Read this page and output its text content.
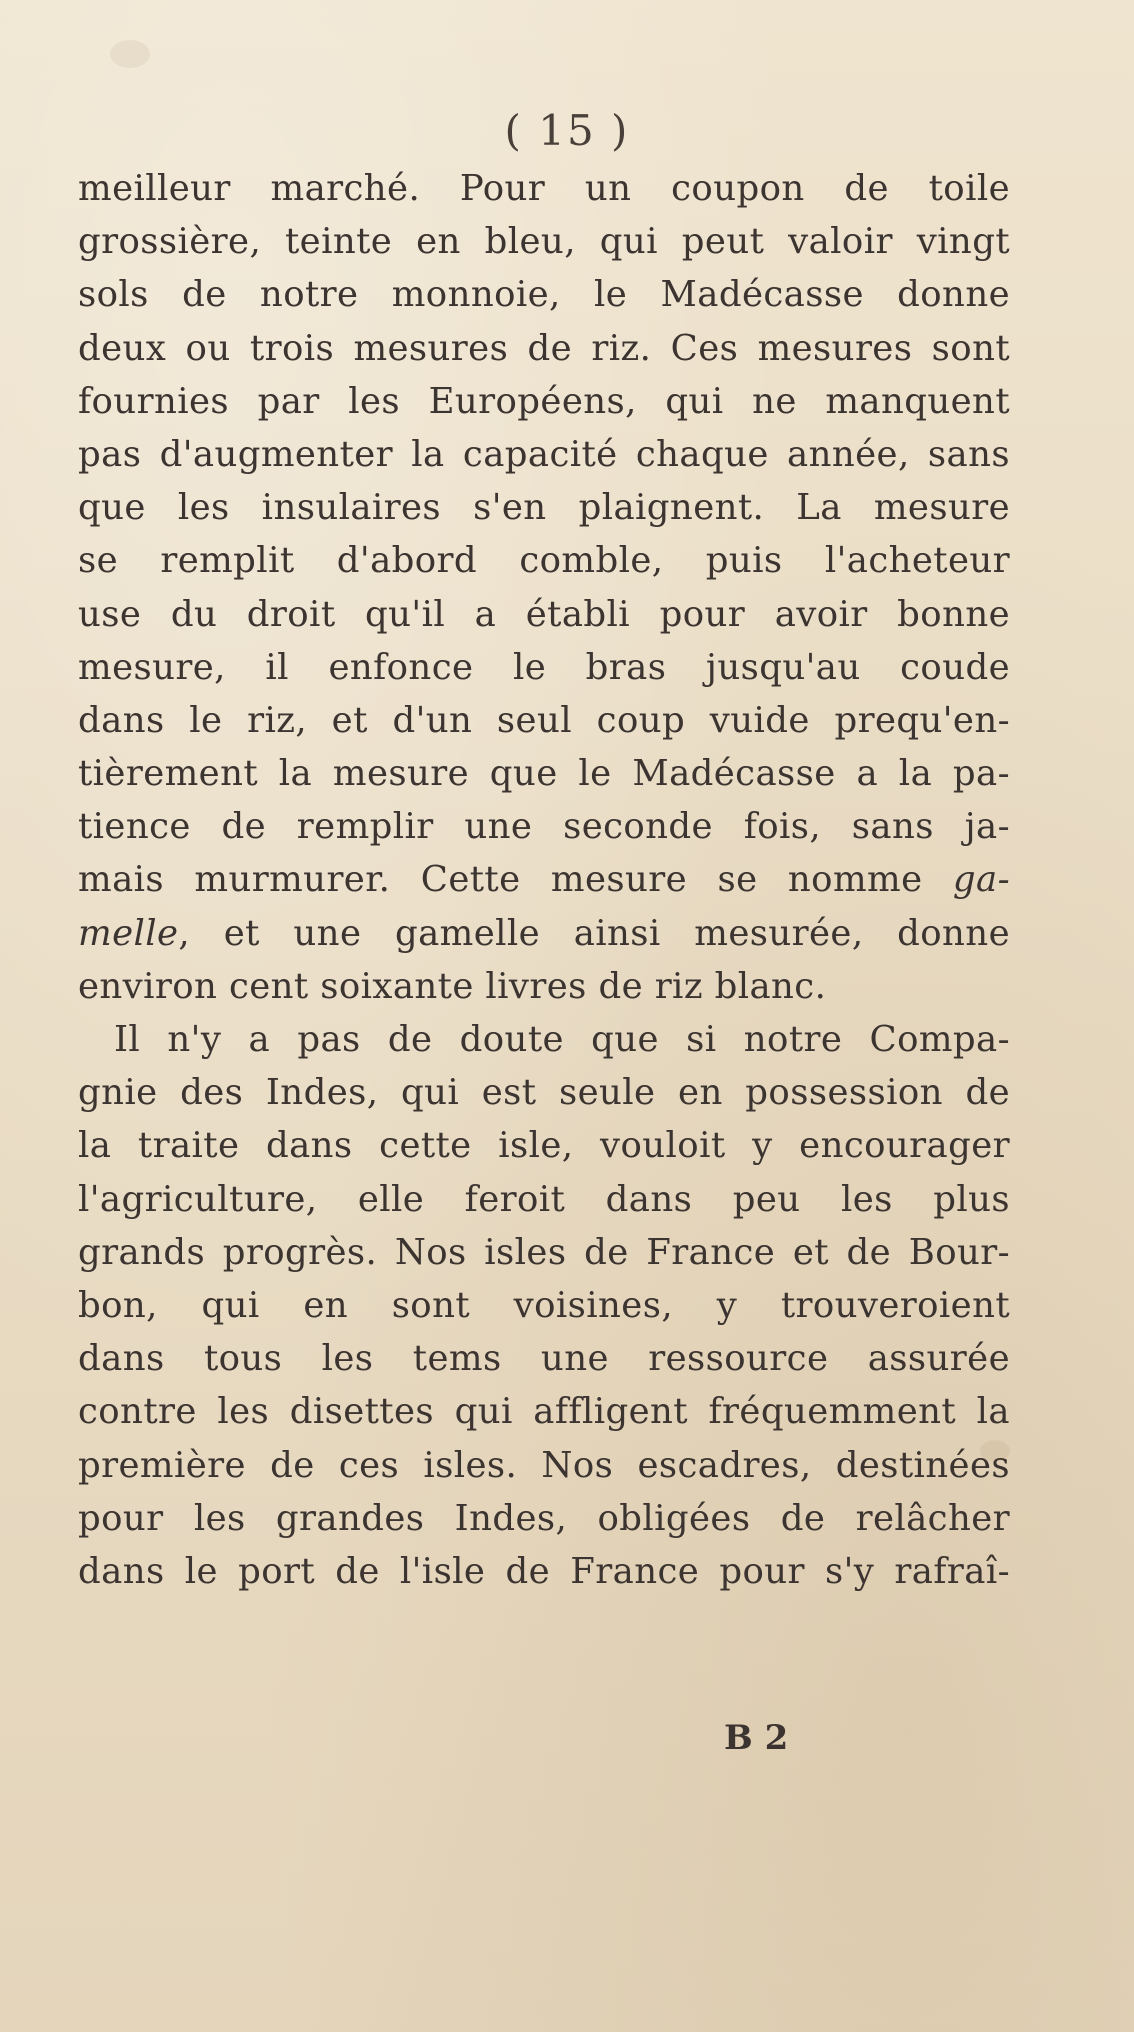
( 15 )
meilleur marché. Pour un coupon de toile
grossière, teinte en bleu, qui peut valoir vingt
sols de notre monnoie, le Madécasse donne
deux ou trois mesures de riz. Ces mesures sont
fournies par les Européens, qui ne manquent
pas d'augmenter la capacité chaque année, sans
que les insulaires s'en plaignent. La mesure
se remplit d'abord comble, puis l'acheteur
use du droit qu'il a établi pour avoir bonne
mesure, il enfonce le bras jusqu'au coude
dans le riz, et d'un seul coup vuide prequ'en-
tièrement la mesure que le Madécasse a la pa-
tience de remplir une seconde fois, sans ja-
mais murmurer. Cette mesure se nomme ga-
melle, et une gamelle ainsi mesurée, donne
environ cent soixante livres de riz blanc.
Il n'y a pas de doute que si notre Compa-
gnie des Indes, qui est seule en possession de
la traite dans cette isle, vouloit y encourager
l'agriculture, elle feroit dans peu les plus
grands progrès. Nos isles de France et de Bour-
bon, qui en sont voisines, y trouveroient
dans tous les tems une ressource assurée
contre les disettes qui affligent fréquemment la
première de ces isles. Nos escadres, destinées
pour les grandes Indes, obligées de relâcher
dans le port de l'isle de France pour s'y rafraî-
B 2
